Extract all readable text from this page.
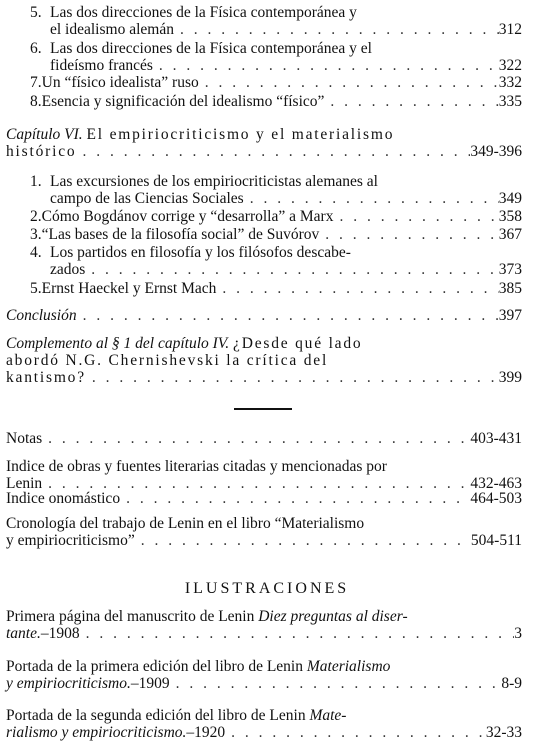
5. Las dos direcciones de la Física contemporánea y
el idealismo alemán . . .	312
6. Las dos direcciones de la Física contemporánea y el
fideísmo francés . . .	322
7. Un “físico idealista” ruso . . .	332
8. Esencia y significación del idealismo “físico” . . .	335
Capítulo VI. El empiriocriticismo y el materialismo
histórico . . .	349-396
1. Las excursiones de los empiriocriticistas alemanes al
campo de las Ciencias Sociales . . .	349
2. Cómo Bogdánov corrige y “desarrolla” a Marx . . .	358
3. “Las bases de la filosofía social” de Suvórov . . .	367
4. Los partidos en filosofía y los filósofos descabe-
zados . . .	373
5. Ernst Haeckel y Ernst Mach . . .	385
Conclusión . . .	397
Complemento al § 1 del capítulo IV. ¿Desde qué lado
abordó N.G. Chernishevski la crítica del
kantismo? . . .	399
Notas . . .	403-431
Indice de obras y fuentes literarias citadas y mencionadas por
Lenin . . .	432-463
Indice onomástico . . .	464-503
Cronología del trabajo de Lenin en el libro “Materialismo
y empiriocriticismo” . . .	504-511
ILUSTRACIONES
Primera página del manuscrito de Lenin Diez preguntas al diser-
tante.–1908 . . .	3
Portada de la primera edición del libro de Lenin Materialismo
y empiriocriticismo.–1909 . . .	8-9
Portada de la segunda edición del libro de Lenin Mate-
rialismo y empiriocriticismo.–1920 . . .	32-33
